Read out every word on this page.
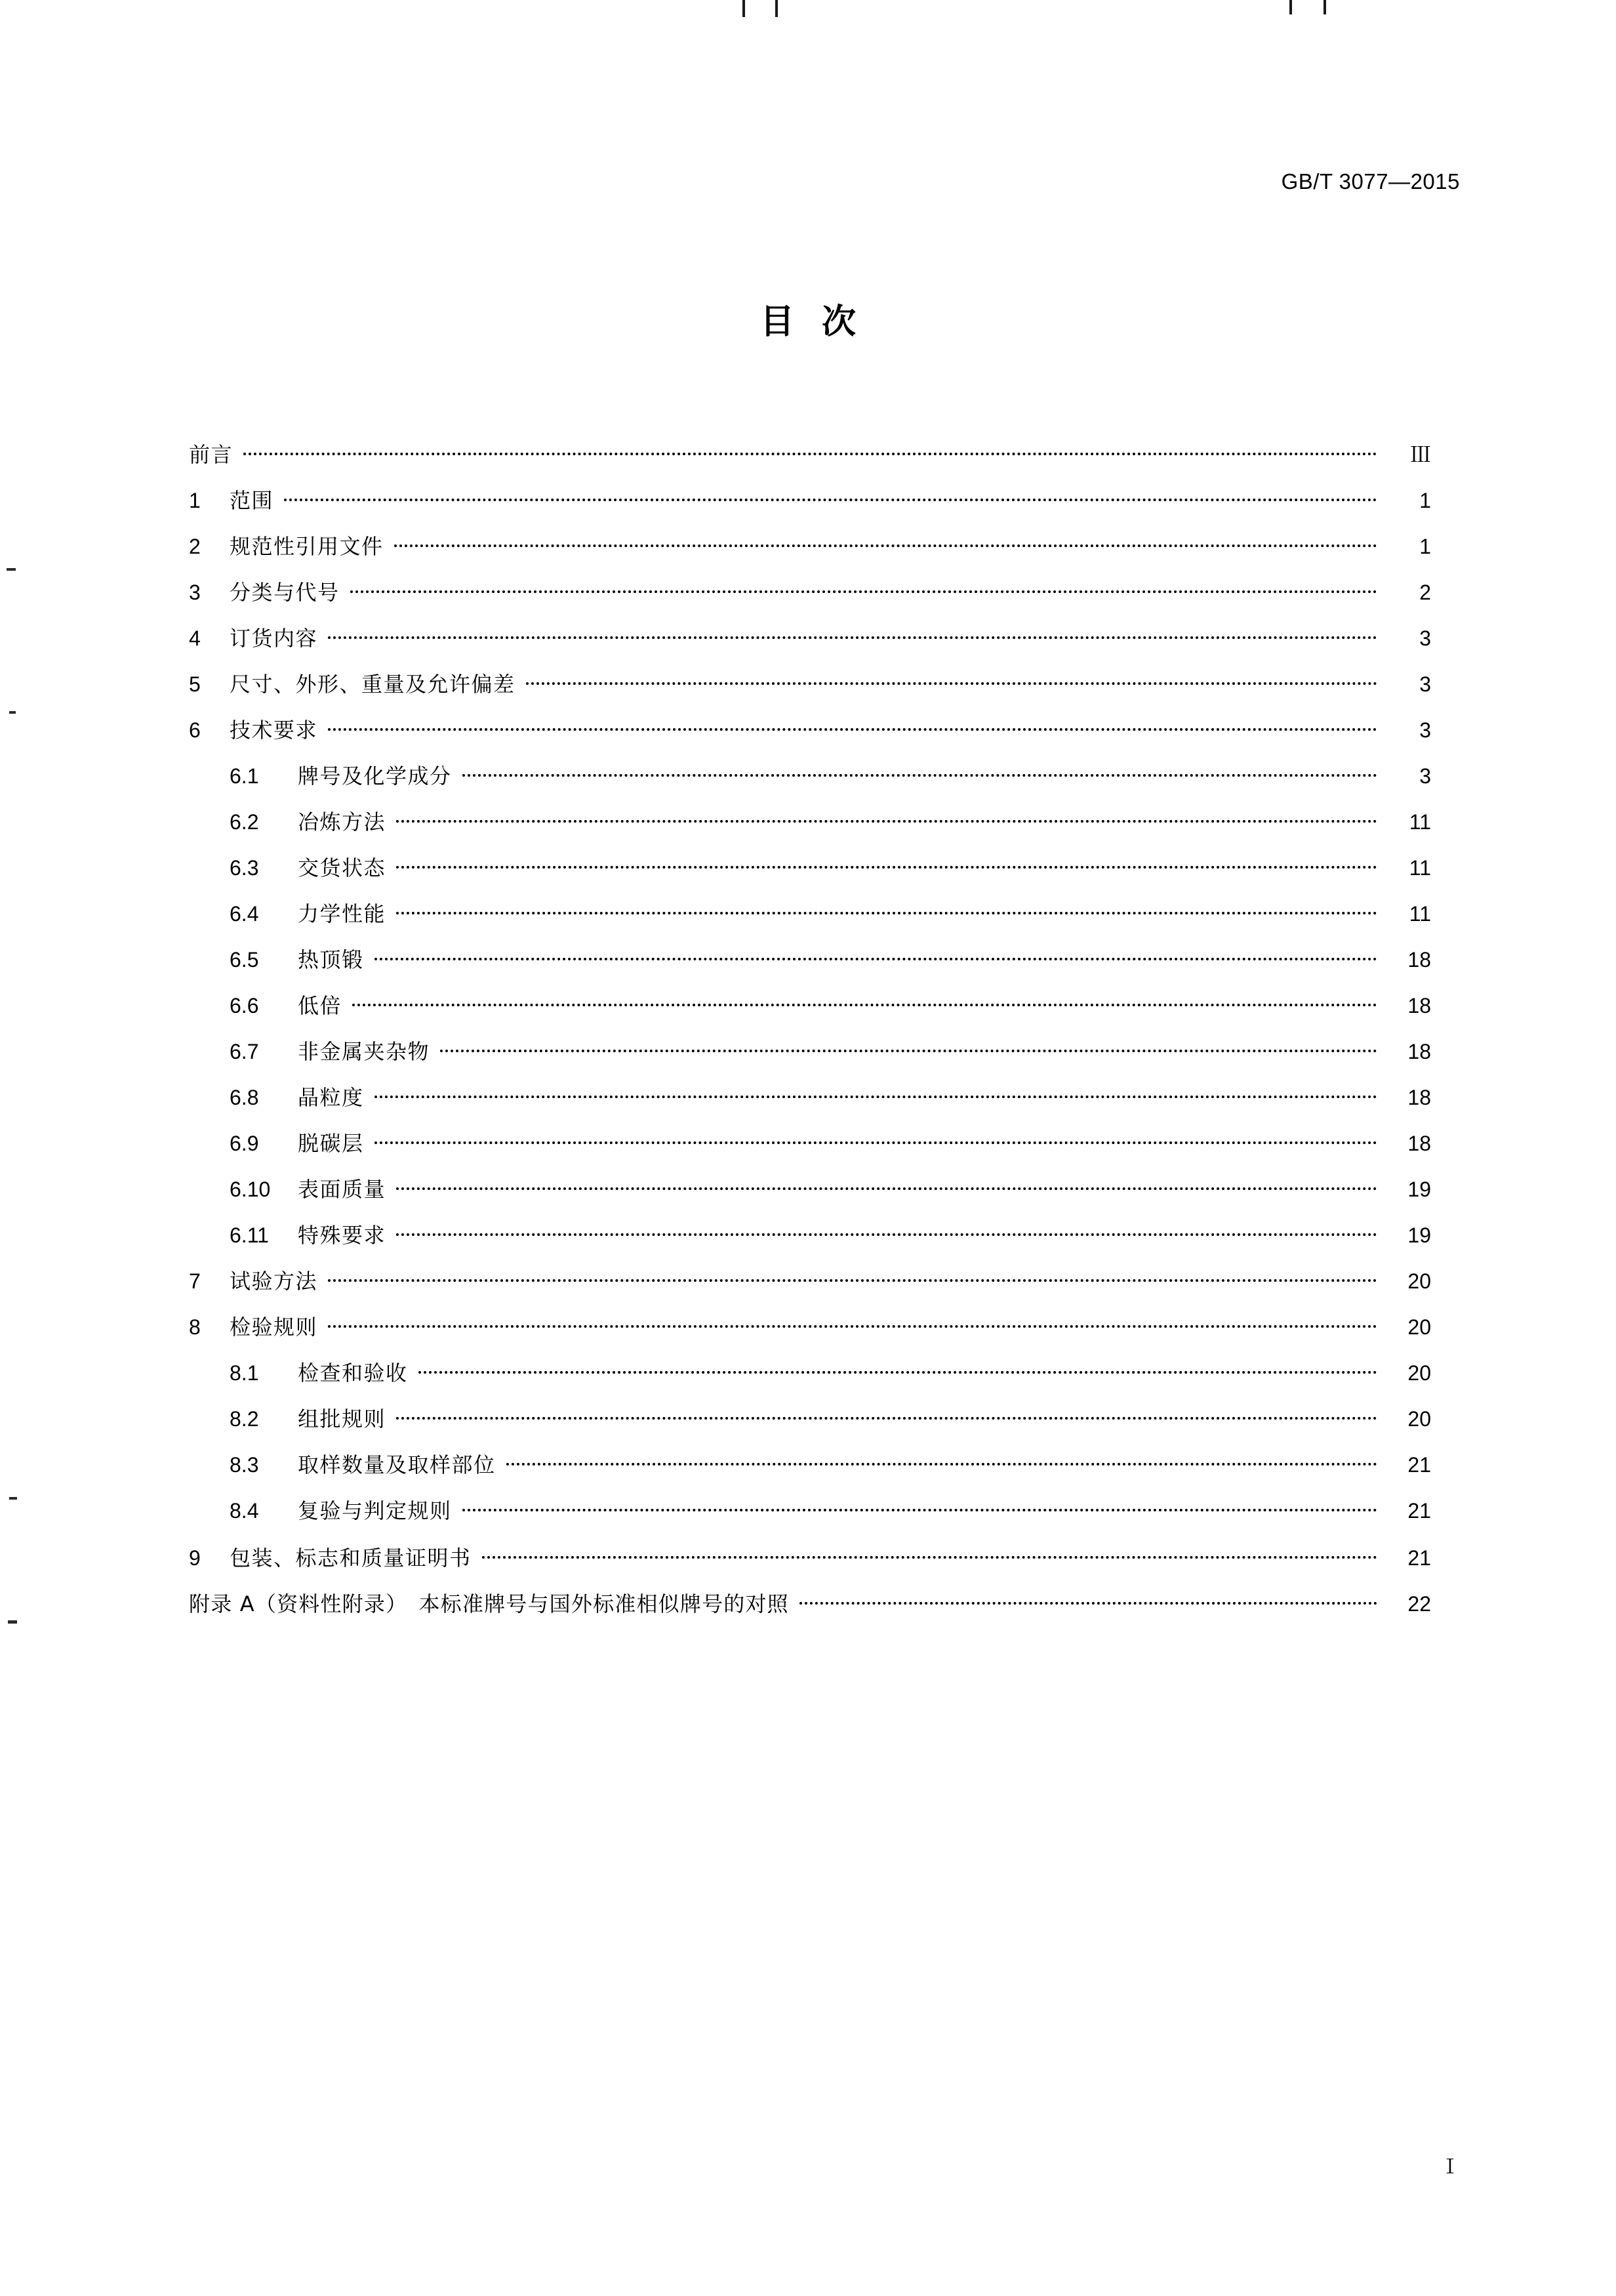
GB/T 3077—2015
目次
前言	Ⅲ
1	范围	1
2	规范性引用文件	1
3	分类与代号	2
4	订货内容	3
5	尺寸、外形、重量及允许偏差	3
6	技术要求	3
6.1	牌号及化学成分	3
6.2	冶炼方法	11
6.3	交货状态	11
6.4	力学性能	11
6.5	热顶锻	18
6.6	低倍	18
6.7	非金属夹杂物	18
6.8	晶粒度	18
6.9	脱碳层	18
6.10	表面质量	19
6.11	特殊要求	19
7	试验方法	20
8	检验规则	20
8.1	检查和验收	20
8.2	组批规则	20
8.3	取样数量及取样部位	21
8.4	复验与判定规则	21
9	包装、标志和质量证明书	21
附录 A（资料性附录）　本标准牌号与国外标准相似牌号的对照	22
Ⅰ
